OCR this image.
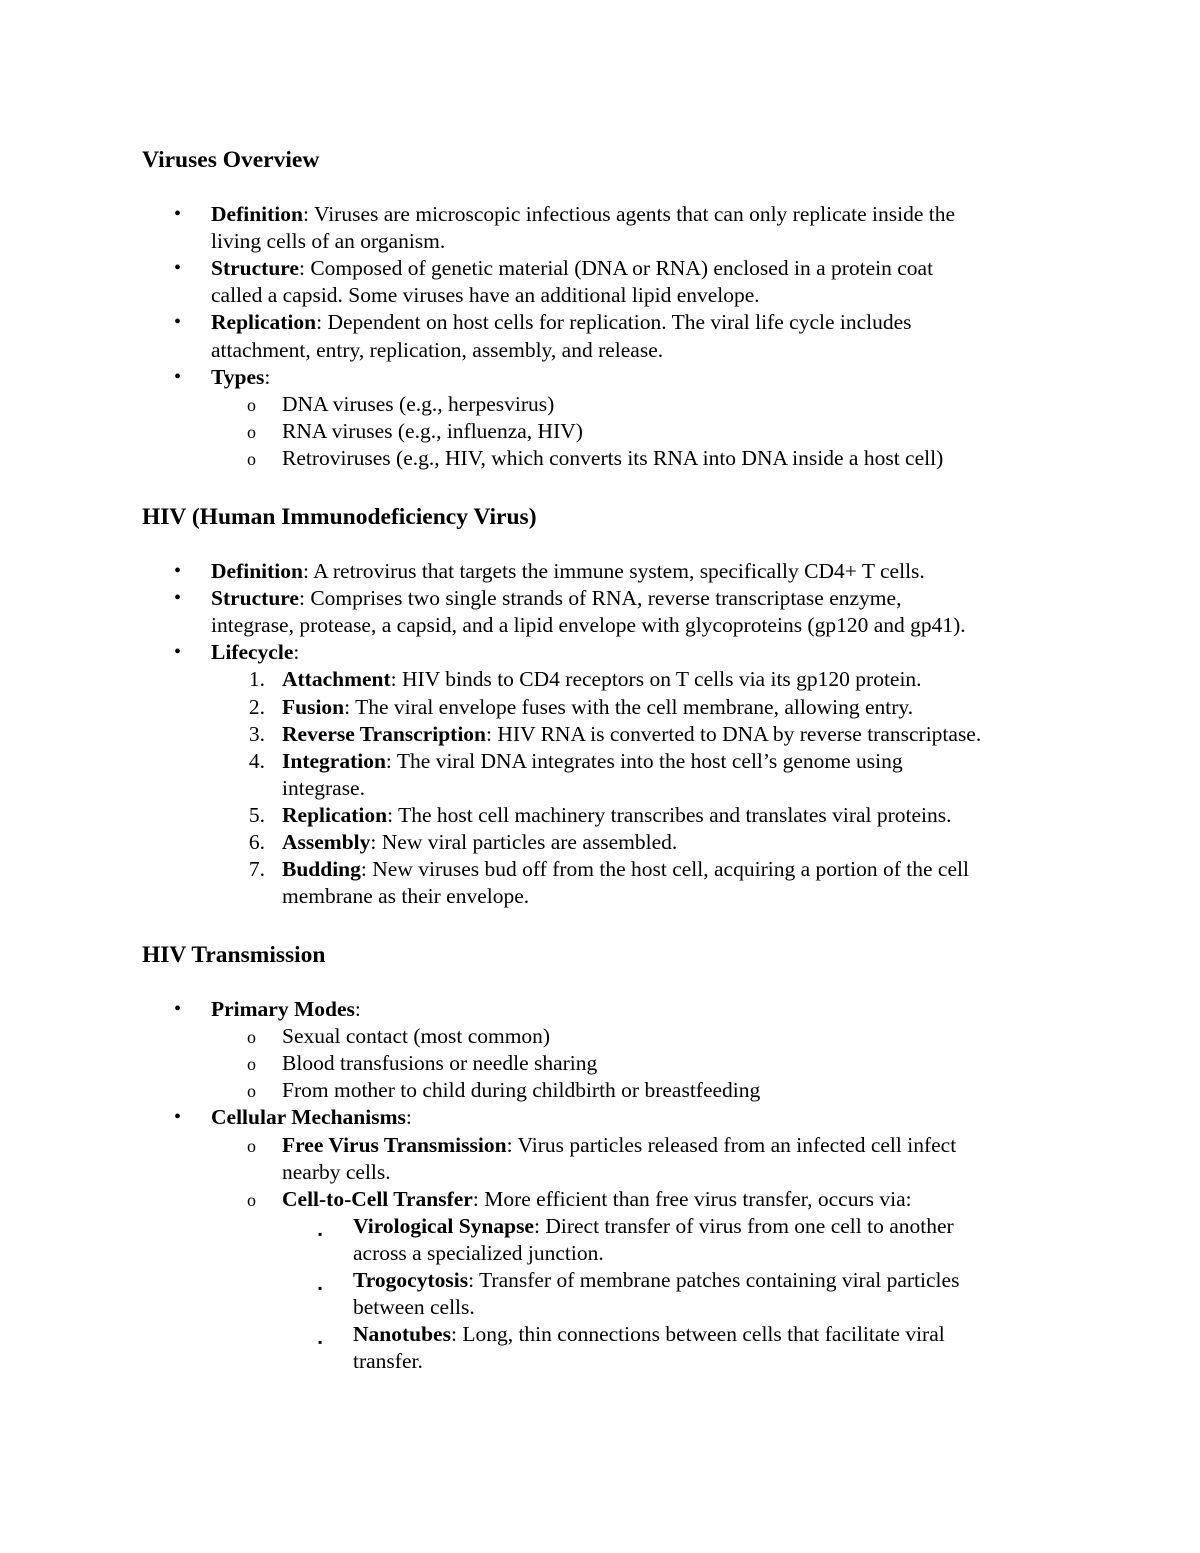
Viruses Overview
• Definition: Viruses are microscopic infectious agents that can only replicate inside the
living cells of an organism.
• Structure: Composed of genetic material (DNA or RNA) enclosed in a protein coat
called a capsid. Some viruses have an additional lipid envelope.
• Replication: Dependent on host cells for replication. The viral life cycle includes
attachment, entry, replication, assembly, and release.
• Types:
o DNA viruses (e.g., herpesvirus)
o RNA viruses (e.g., influenza, HIV)
o Retroviruses (e.g., HIV, which converts its RNA into DNA inside a host cell)
HIV (Human Immunodeficiency Virus)
• Definition: A retrovirus that targets the immune system, specifically CD4+ T cells.
• Structure: Comprises two single strands of RNA, reverse transcriptase enzyme,
integrase, protease, a capsid, and a lipid envelope with glycoproteins (gp120 and gp41).
• Lifecycle:
1. Attachment: HIV binds to CD4 receptors on T cells via its gp120 protein.
2. Fusion: The viral envelope fuses with the cell membrane, allowing entry.
3. Reverse Transcription: HIV RNA is converted to DNA by reverse transcriptase.
4. Integration: The viral DNA integrates into the host cell’s genome using
integrase.
5. Replication: The host cell machinery transcribes and translates viral proteins.
6. Assembly: New viral particles are assembled.
7. Budding: New viruses bud off from the host cell, acquiring a portion of the cell
membrane as their envelope.
HIV Transmission
• Primary Modes:
o Sexual contact (most common)
o Blood transfusions or needle sharing
o From mother to child during childbirth or breastfeeding
• Cellular Mechanisms:
o Free Virus Transmission: Virus particles released from an infected cell infect
nearby cells.
o Cell-to-Cell Transfer: More efficient than free virus transfer, occurs via:
▪ Virological Synapse: Direct transfer of virus from one cell to another
across a specialized junction.
▪ Trogocytosis: Transfer of membrane patches containing viral particles
between cells.
▪ Nanotubes: Long, thin connections between cells that facilitate viral
transfer.
